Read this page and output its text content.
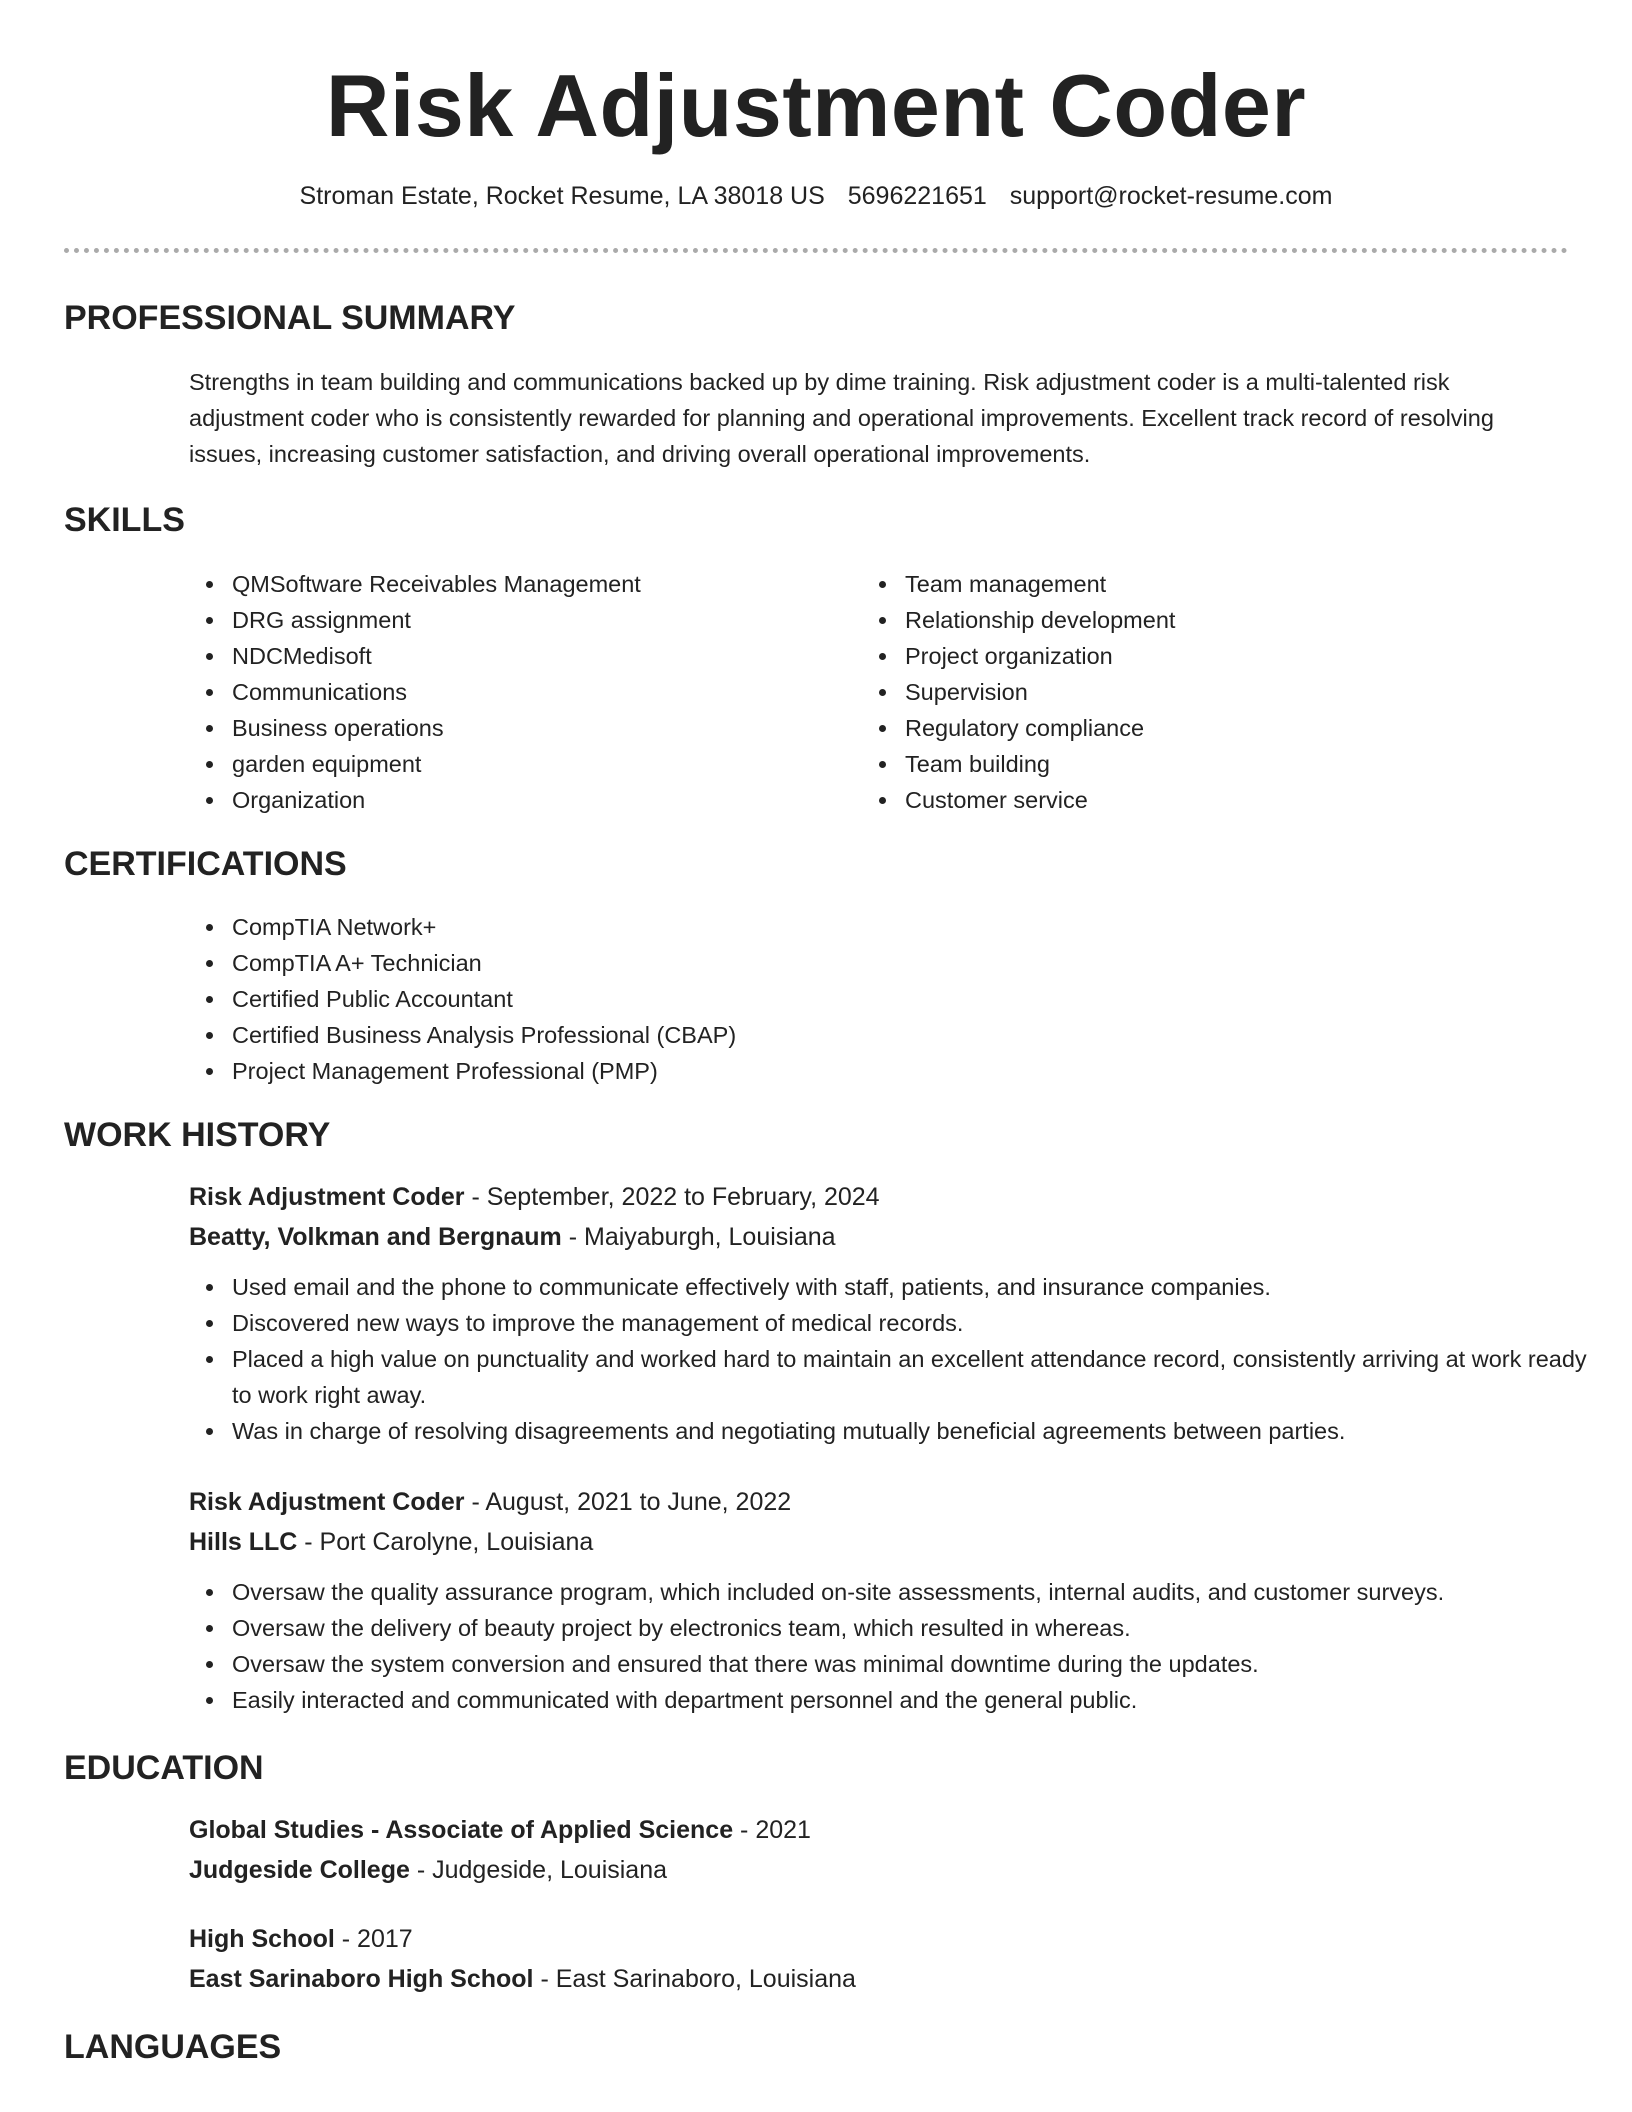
Risk Adjustment Coder
Stroman Estate, Rocket Resume, LA 38018 US 5696221651 support@rocket-resume.com
PROFESSIONAL SUMMARY

Strengths in team building and communications backed up by dime training. Risk adjustment coder is a multi-talented risk adjustment coder who is consistently rewarded for planning and operational improvements. Excellent track record of resolving issues, increasing customer satisfaction, and driving overall operational improvements.

SKILLS
QMSoftware Receivables Management
DRG assignment
NDCMedisoft
Communications
Business operations
garden equipment
Organization
Team management
Relationship development
Project organization
Supervision
Regulatory compliance
Team building
Customer service
CERTIFICATIONS
CompTIA Network+
CompTIA A+ Technician
Certified Public Accountant
Certified Business Analysis Professional (CBAP)
Project Management Professional (PMP)
WORK HISTORY
Risk Adjustment Coder - September, 2022 to February, 2024
Beatty, Volkman and Bergnaum - Maiyaburgh, Louisiana
Used email and the phone to communicate effectively with staff, patients, and insurance companies.
Discovered new ways to improve the management of medical records.
Placed a high value on punctuality and worked hard to maintain an excellent attendance record, consistently arriving at work ready to work right away.
Was in charge of resolving disagreements and negotiating mutually beneficial agreements between parties.
Risk Adjustment Coder - August, 2021 to June, 2022
Hills LLC - Port Carolyne, Louisiana
Oversaw the quality assurance program, which included on-site assessments, internal audits, and customer surveys.
Oversaw the delivery of beauty project by electronics team, which resulted in whereas.
Oversaw the system conversion and ensured that there was minimal downtime during the updates.
Easily interacted and communicated with department personnel and the general public.
EDUCATION
Global Studies - Associate of Applied Science - 2021
Judgeside College - Judgeside, Louisiana
High School - 2017
East Sarinaboro High School - East Sarinaboro, Louisiana
LANGUAGES
